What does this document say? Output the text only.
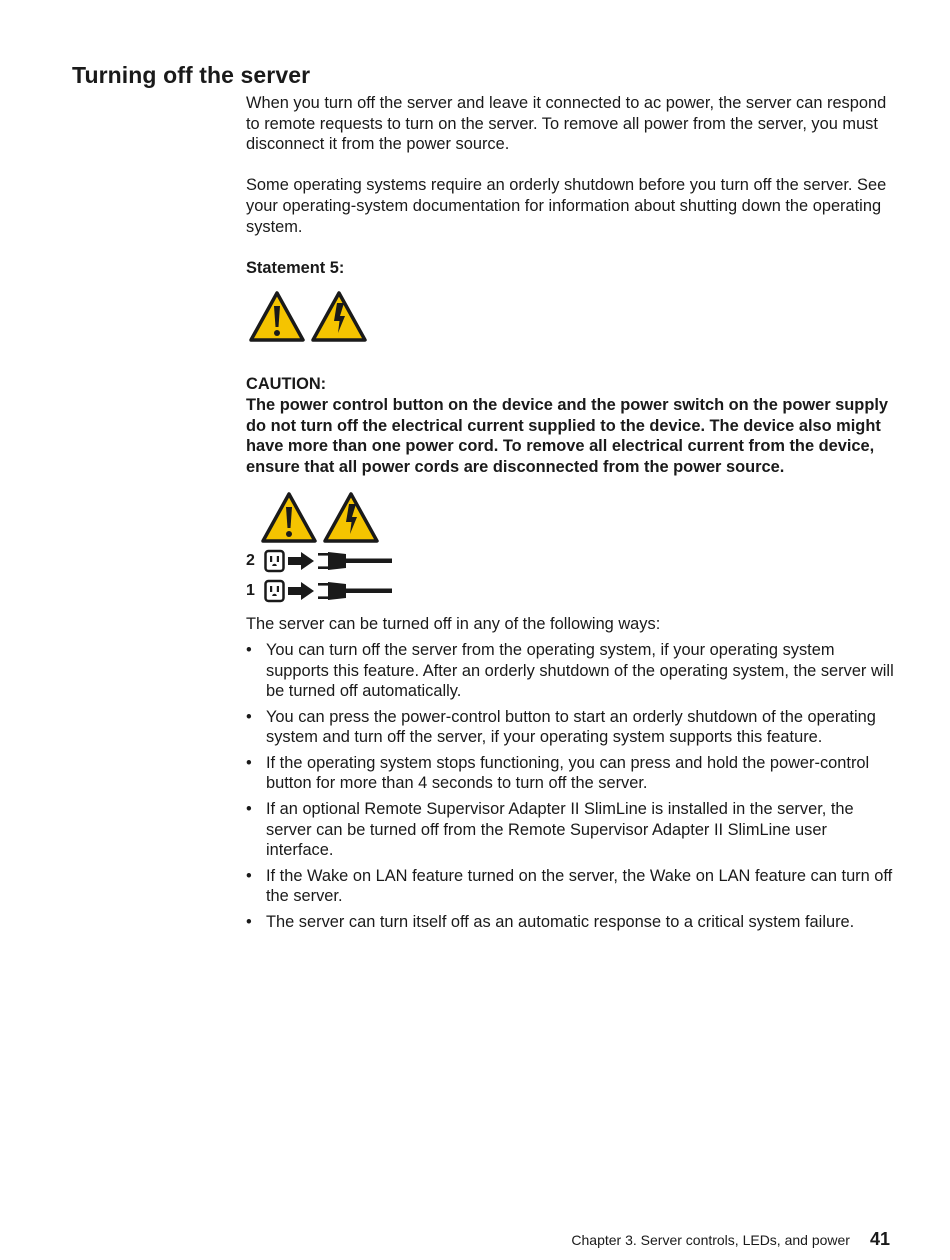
Turning off the server

When you turn off the server and leave it connected to ac power, the server can respond to remote requests to turn on the server. To remove all power from the server, you must disconnect it from the power source.

Some operating systems require an orderly shutdown before you turn off the server. See your operating-system documentation for information about shutting down the operating system.

Statement 5:

CAUTION:

The power control button on the device and the power switch on the power supply do not turn off the electrical current supplied to the device. The device also might have more than one power cord. To remove all electrical current from the device, ensure that all power cords are disconnected from the power source.

2
1

The server can be turned off in any of the following ways:

• You can turn off the server from the operating system, if your operating system supports this feature. After an orderly shutdown of the operating system, the server will be turned off automatically.
• You can press the power-control button to start an orderly shutdown of the operating system and turn off the server, if your operating system supports this feature.
• If the operating system stops functioning, you can press and hold the power-control button for more than 4 seconds to turn off the server.
• If an optional Remote Supervisor Adapter II SlimLine is installed in the server, the server can be turned off from the Remote Supervisor Adapter II SlimLine user interface.
• If the Wake on LAN feature turned on the server, the Wake on LAN feature can turn off the server.
• The server can turn itself off as an automatic response to a critical system failure.
Chapter 3. Server controls, LEDs, and power 41
